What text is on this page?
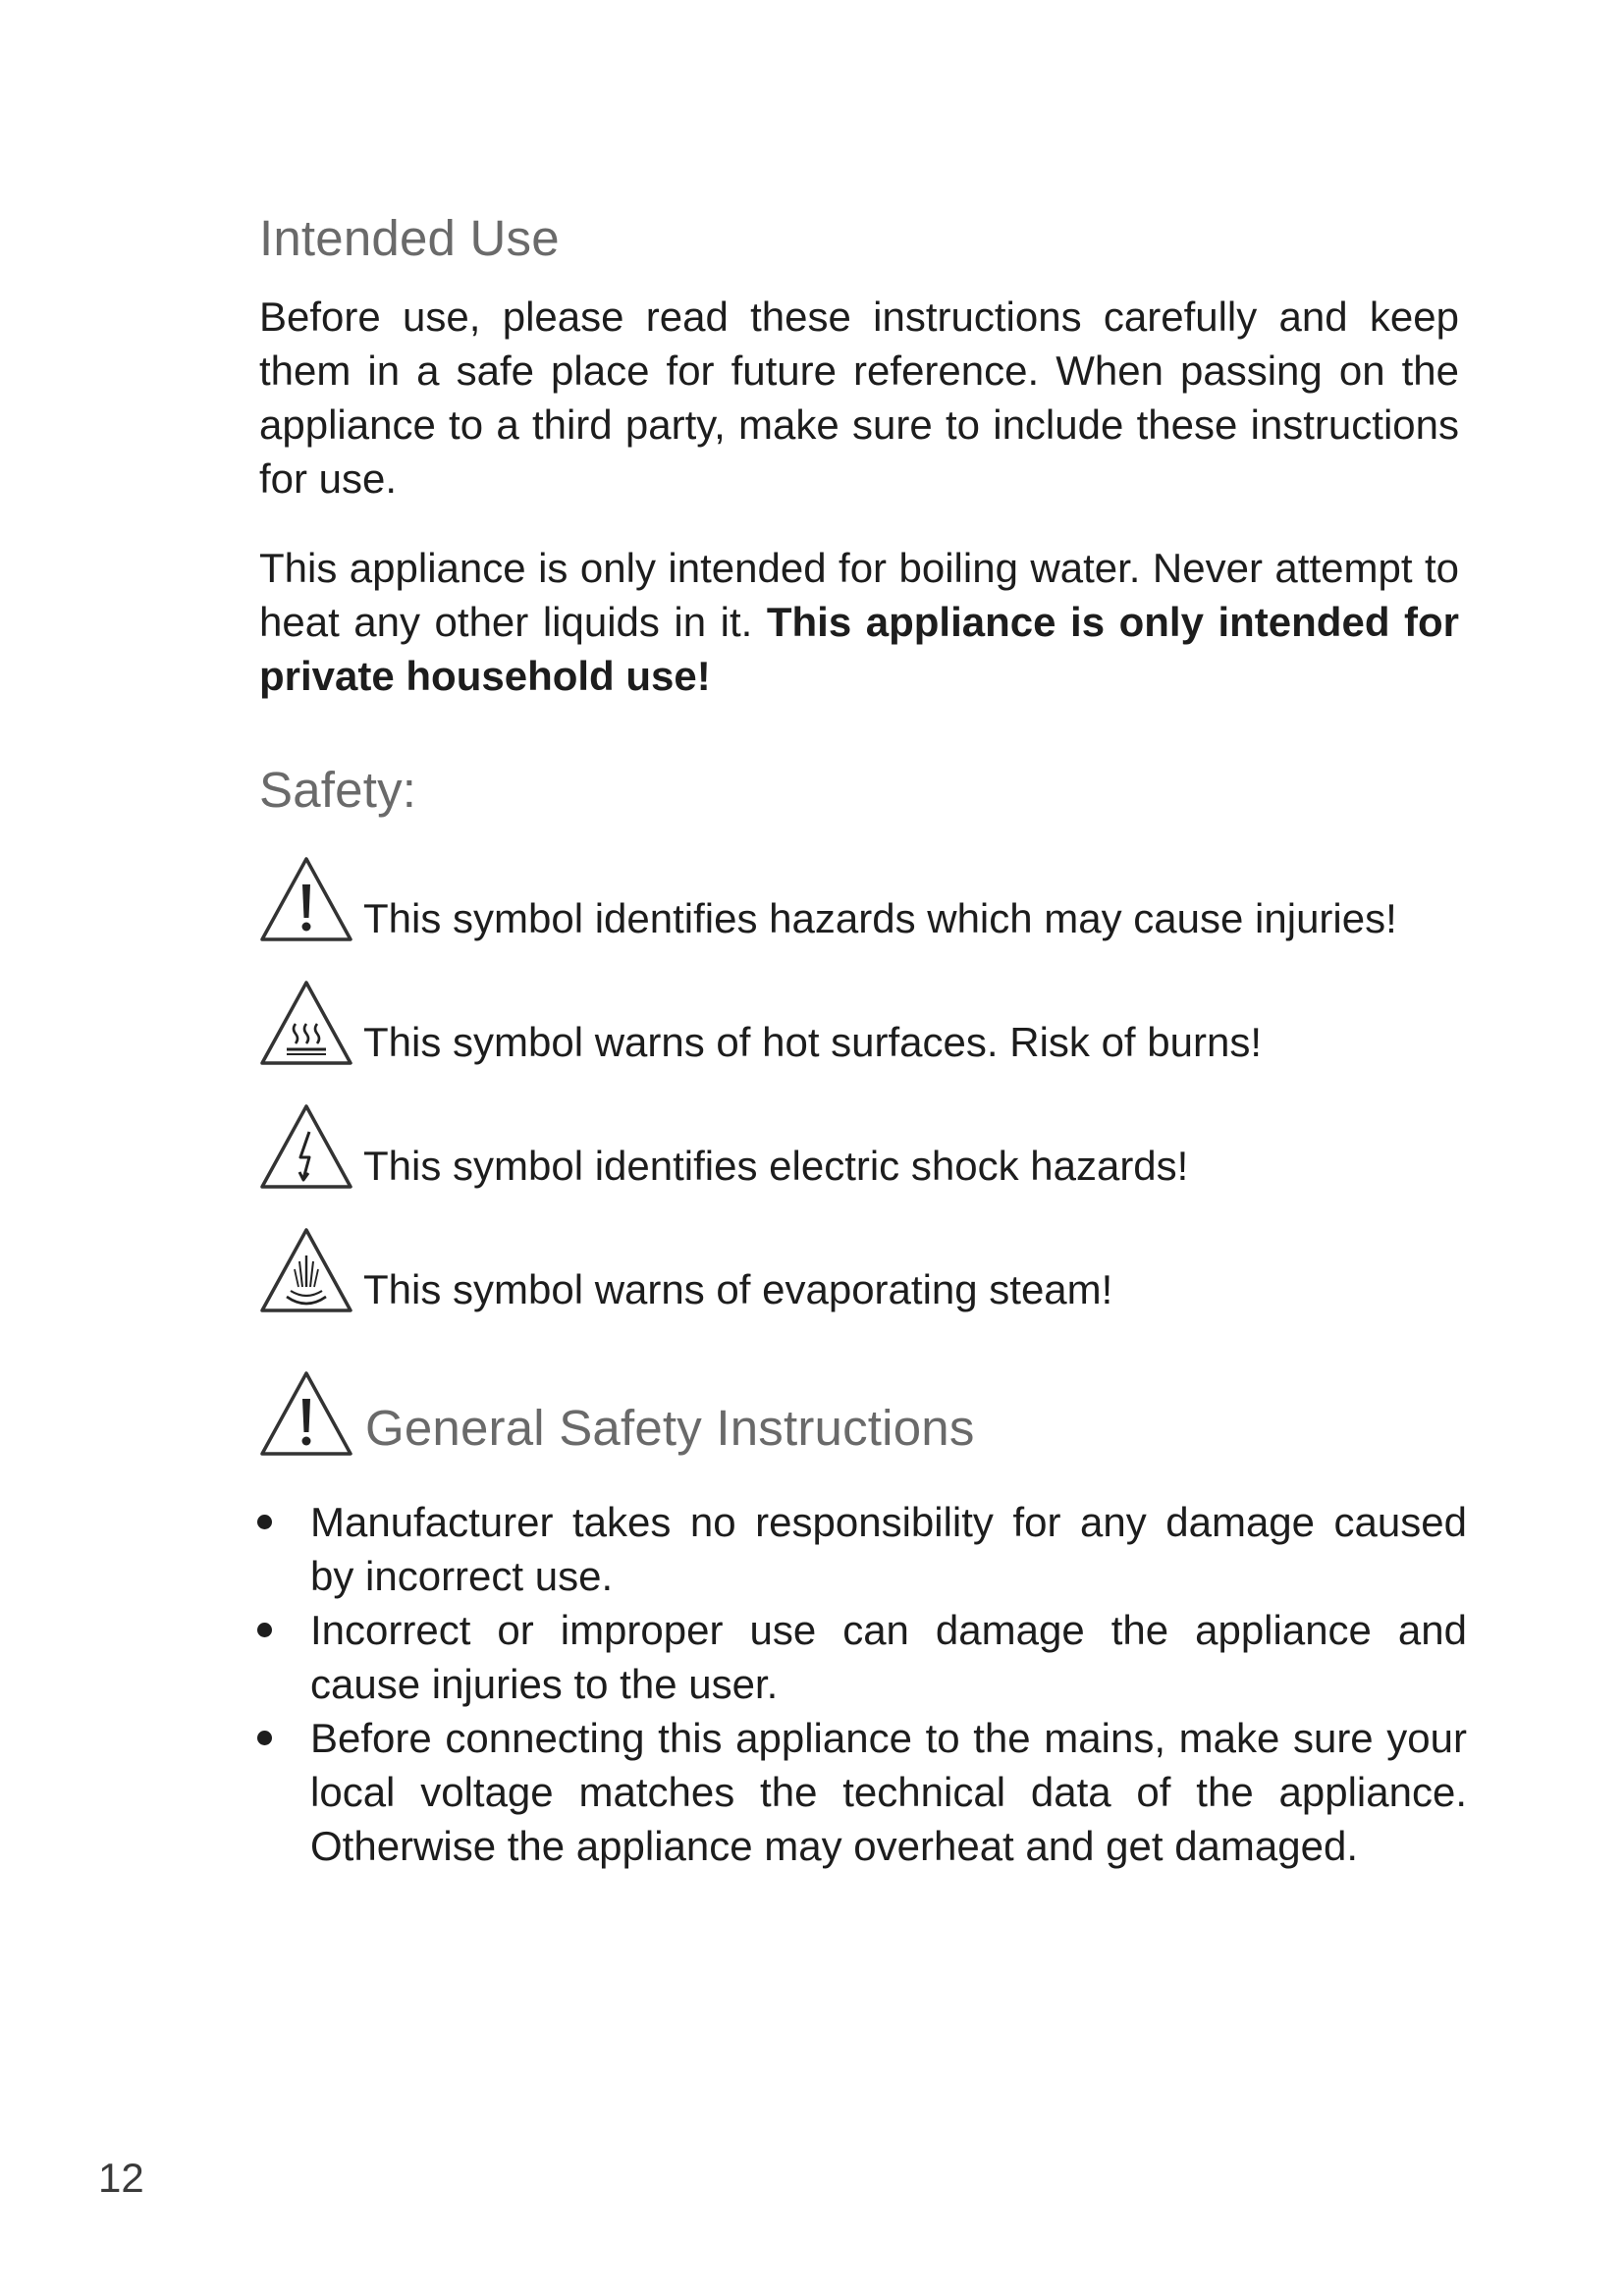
Intended Use

Before use, please read these instructions carefully and keep them in a safe place for future reference. When passing on the appliance to a third party, make sure to include these instructions for use.

This appliance is only intended for boiling water. Never attempt to heat any other liquids in it. This appliance is only intended for private household use!

Safety:
This symbol identifies hazards which may cause injuries!
This symbol warns of hot surfaces. Risk of burns!
This symbol identifies electric shock hazards!
This symbol warns of evaporating steam!
General Safety Instructions
Manufacturer takes no responsibility for any damage caused by incorrect use.
Incorrect or improper use can damage the appliance and cause injuries to the user.
Before connecting this appliance to the mains, make sure your local voltage matches the technical data of the appliance. Otherwise the appliance may overheat and get damaged.
12
